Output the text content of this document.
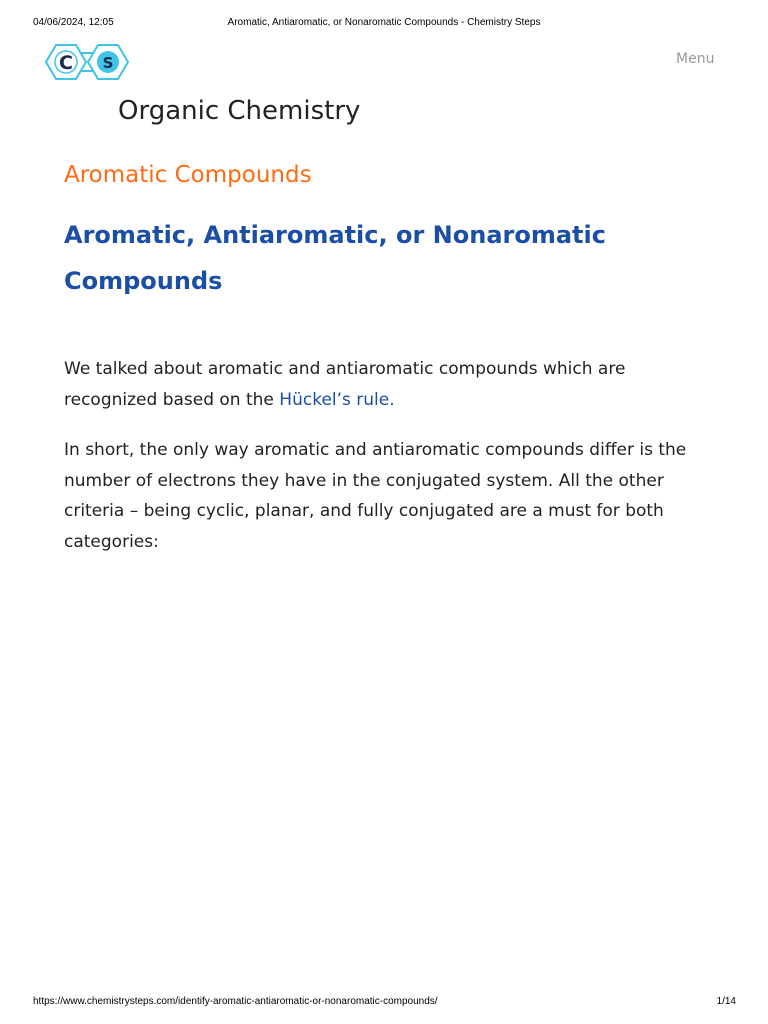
04/06/2024, 12:05	Aromatic, Antiaromatic, or Nonaromatic Compounds - Chemistry Steps
C S	Menu
Organic Chemistry
Aromatic Compounds
Aromatic, Antiaromatic, or Nonaromatic Compounds

We talked about aromatic and antiaromatic compounds which are recognized based on the Hückel’s rule.

In short, the only way aromatic and antiaromatic compounds differ is the number of electrons they have in the conjugated system. All the other criteria – being cyclic, planar, and fully conjugated are a must for both categories:

https://www.chemistrysteps.com/identify-aromatic-antiaromatic-or-nonaromatic-compounds/	1/14
